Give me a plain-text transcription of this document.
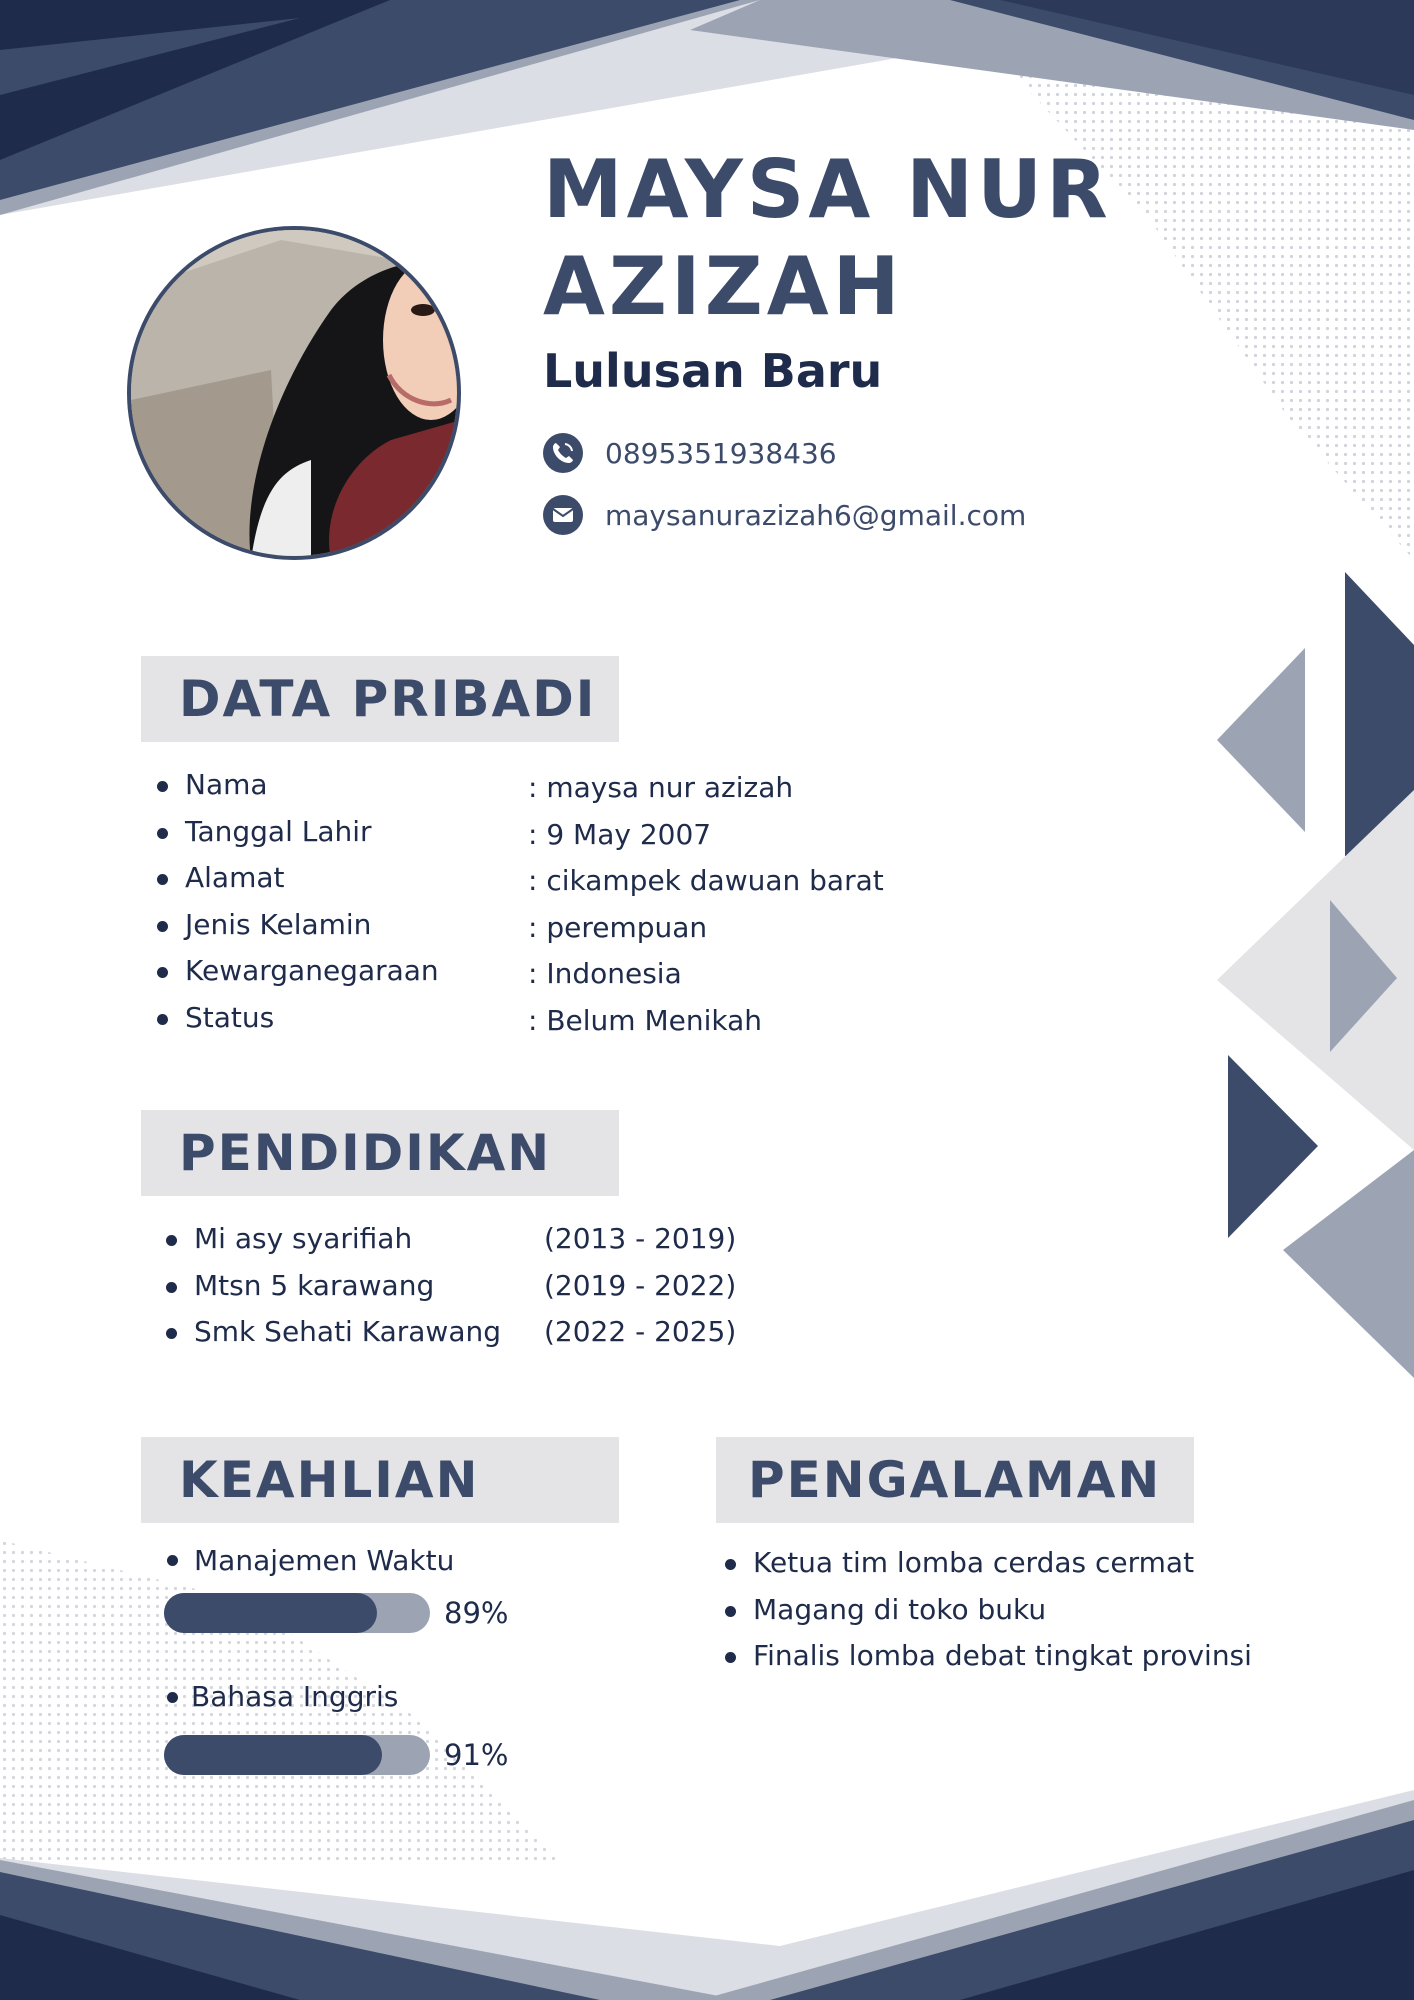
MAYSA NUR
AZIZAH
Lulusan Baru
0895351938436
maysanurazizah6@gmail.com
DATA PRIBADI
Nama	: maysa nur azizah
Tanggal Lahir	: 9 May 2007
Alamat	: cikampek dawuan barat
Jenis Kelamin	: perempuan
Kewarganegaraan	: Indonesia
Status	: Belum Menikah
PENDIDIKAN
Mi asy syarifiah	(2013 - 2019)
Mtsn 5 karawang	(2019 - 2022)
Smk Sehati Karawang (2022 - 2025)
KEAHLIAN
Manajemen Waktu
89%
Bahasa Inggris
91%
PENGALAMAN
Ketua tim lomba cerdas cermat
Magang di toko buku
Finalis lomba debat tingkat provinsi
